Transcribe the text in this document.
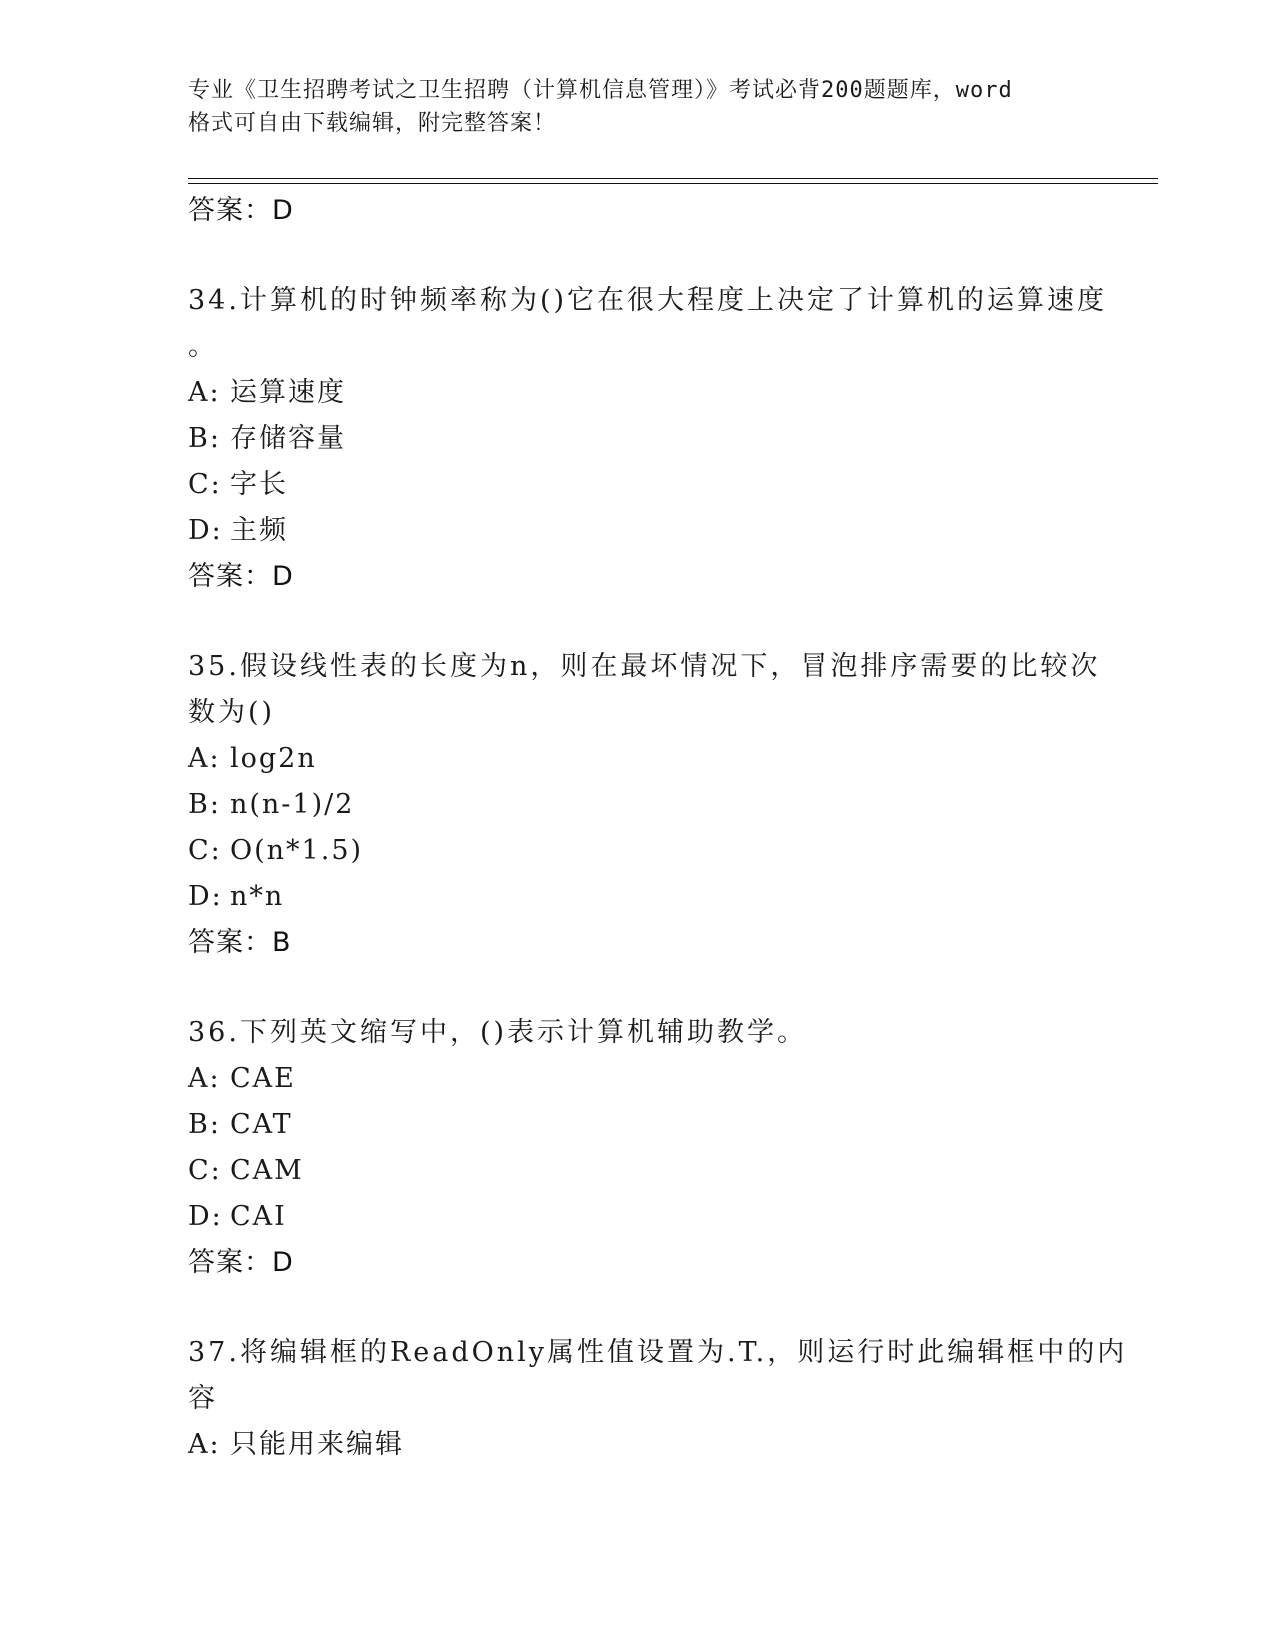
专业《卫生招聘考试之卫生招聘（计算机信息管理）》考试必背200题题库，word
格式可自由下载编辑，附完整答案！
答案：D
34.计算机的时钟频率称为()它在很大程度上决定了计算机的运算速度
。
A: 运算速度
B: 存储容量
C: 字长
D: 主频
答案：D
35.假设线性表的长度为n，则在最坏情况下，冒泡排序需要的比较次
数为()
A: log2n
B: n(n-1)/2
C: O(n*1.5)
D: n*n
答案：B
36.下列英文缩写中，()表示计算机辅助教学。
A: CAE
B: CAT
C: CAM
D: CAI
答案：D
37.将编辑框的ReadOnly属性值设置为.T.，则运行时此编辑框中的内
容
A: 只能用来编辑
